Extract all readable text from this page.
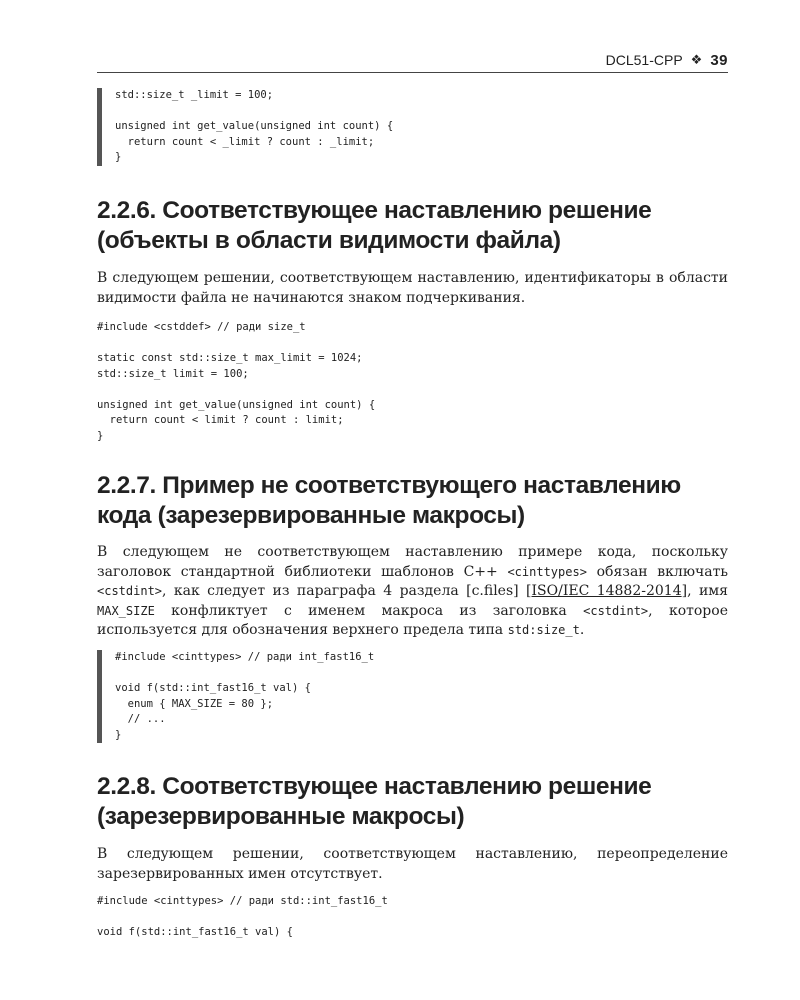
DCL51-CPP ❖ 39
std::size_t _limit = 100;

unsigned int get_value(unsigned int count) {
return count < _limit ? count : _limit;
}
2.2.6. Соответствующее наставлению решение
(объекты в области видимости файла)

В следующем решении, соответствующем наставлению, идентификаторы в области видимости файла не начинаются знаком подчеркивания.

#include <cstddef> // ради size_t

static const std::size_t max_limit = 1024;
std::size_t limit = 100;

unsigned int get_value(unsigned int count) {
return count < limit ? count : limit;
}
2.2.7. Пример не соответствующего наставлению
кода (зарезервированные макросы)

В следующем не соответствующем наставлению примере кода, поскольку заголовок стандартной библиотеки шаблонов С++ <cinttypes> обязан включать <cstdint>, как следует из параграфа 4 раздела [c.files] [ISO/IEC 14882-2014], имя MAX_SIZE конфликтует с именем макроса из заголовка <cstdint>, которое используется для обозначения верхнего предела типа std:size_t.

#include <cinttypes> // ради int_fast16_t

void f(std::int_fast16_t val) {
enum { MAX_SIZE = 80 };
// ...
}
2.2.8. Соответствующее наставлению решение
(зарезервированные макросы)

В следующем решении, соответствующем наставлению, переопределение зарезервированных имен отсутствует.

#include <cinttypes> // ради std::int_fast16_t

void f(std::int_fast16_t val) {
